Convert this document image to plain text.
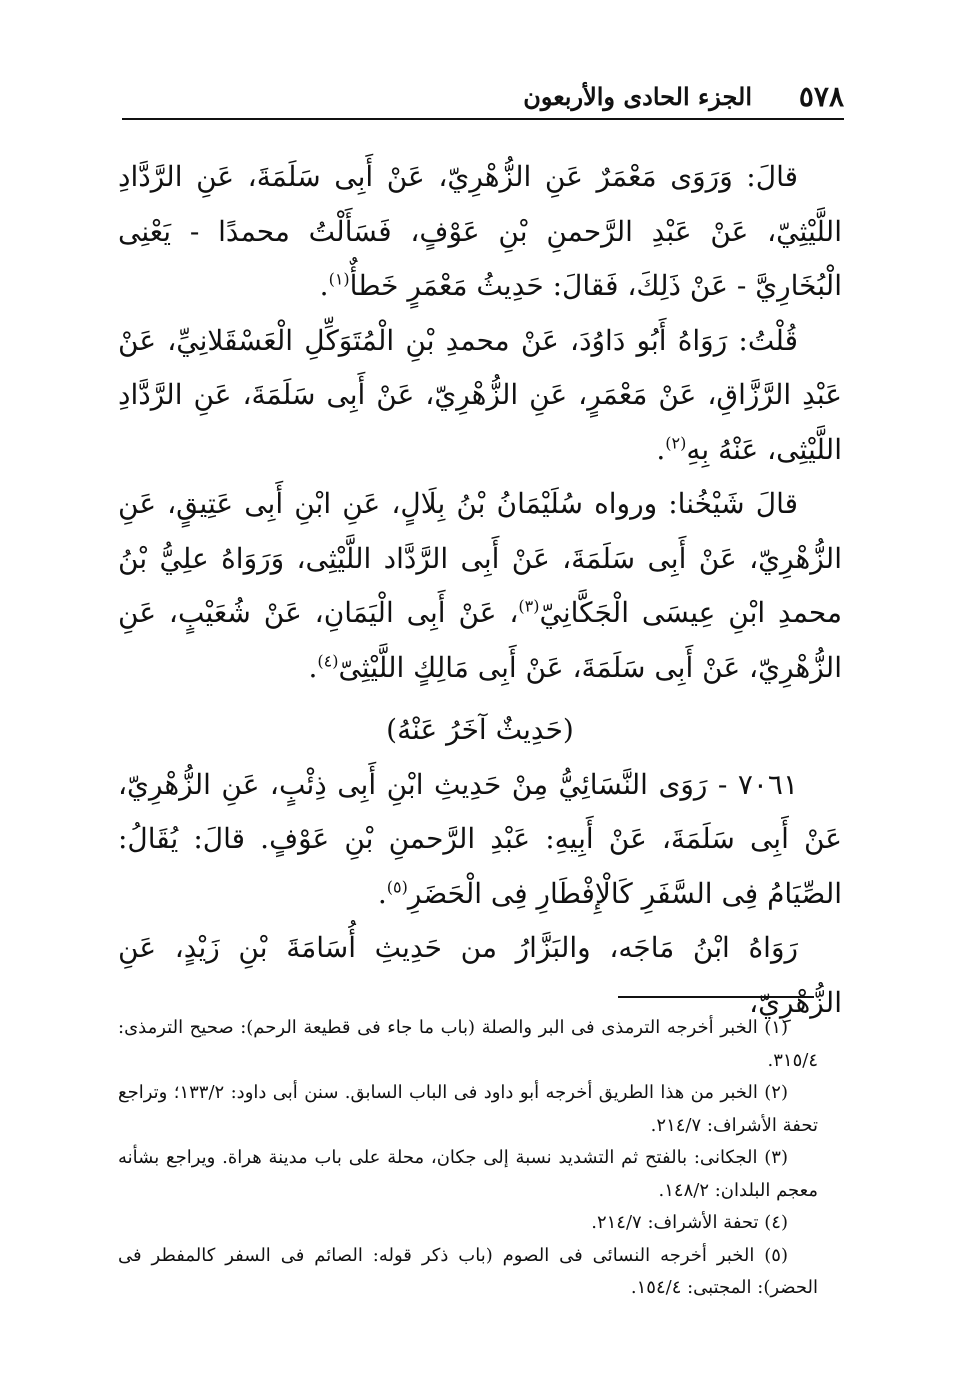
٥٧٨
الجزء الحادى والأربعون

قالَ: وَرَوَى مَعْمَرٌ عَنِ الزُّهْرِيّ، عَنْ أَبِى سَلَمَةَ، عَنِ الرَّدَّادِ اللَّيْثِيّ، عَنْ عَبْدِ الرَّحمنِ بْنِ عَوْفٍ، فَسَأَلْتُ محمدًا - يَعْنِى الْبُخَارِيَّ - عَنْ ذَلِكَ، فَقالَ: حَدِيثُ مَعْمَرٍ خَطأٌ$^{(١)}$.

قُلْتُ: رَوَاهُ أَبُو دَاوُدَ، عَنْ محمدِ بْنِ الْمُتَوَكِّلِ الْعَسْقَلانِيِّ، عَنْ عَبْدِ الرَّزَّاقِ، عَنْ مَعْمَرٍ، عَنِ الزُّهْرِيّ، عَنْ أَبِى سَلَمَةَ، عَنِ الرَّدَّادِ اللَّيْثِى، عَنْهُ بِهِ$^{(٢)}$.

قالَ شَيْخُنا: ورواه سُلَيْمَانُ بْنُ بِلَالٍ، عَنِ ابْنِ أَبِى عَتِيقٍ، عَنِ الزُّهْرِيّ، عَنْ أَبِى سَلَمَةَ، عَنْ أَبِى الرَّدَّاد اللَّيْثِى، وَرَوَاهُ علِيُّ بْنُ محمدِ ابْنِ عِيسَى الْجَكَّانِيّ$^{(٣)}$، عَنْ أَبِى الْيَمَانِ، عَنْ شُعَيْبٍ، عَنِ الزُّهْرِيّ، عَنْ أَبِى سَلَمَةَ، عَنْ أَبِى مَالِكٍ اللَّيْثِىّ$^{(٤)}$.

(حَدِيثٌ آخَرُ عَنْهُ)

٧٠٦١ - رَوَى النَّسَائِيُّ مِنْ حَدِيثِ ابْنِ أَبِى ذِئْبٍ، عَنِ الزُّهْرِيّ، عَنْ أَبِى سَلَمَةَ، عَنْ أَبِيهِ: عَبْدِ الرَّحمنِ بْنِ عَوْفٍ. قالَ: يُقَالُ: الصِّيَامُ فِى السَّفَرِ كَالْإِفْطَارِ فِى الْحَضَرِ$^{(٥)}$.

رَوَاهُ ابْنُ مَاجَه، والبَزَّارُ من حَدِيثِ أُسَامَةَ بْنِ زَيْدٍ، عَنِ الزُّهْرِيّ،

(١) الخبر أخرجه الترمذى فى البر والصلة (باب ما جاء فى قطيعة الرحم): صحيح الترمذى: ٣١٥/٤.

(٢) الخبر من هذا الطريق أخرجه أبو داود فى الباب السابق. سنن أبى داود: ١٣٣/٢؛ وتراجع تحفة الأشراف: ٢١٤/٧.

(٣) الجكانى: بالفتح ثم التشديد نسبة إلى جكان، محلة على باب مدينة هراة. ويراجع بشأنه معجم البلدان: ١٤٨/٢.

(٤) تحفة الأشراف: ٢١٤/٧.

(٥) الخبر أخرجه النسائى فى الصوم (باب ذكر قوله: الصائم فى السفر كالمفطر فى الحضر): المجتبى: ١٥٤/٤.
